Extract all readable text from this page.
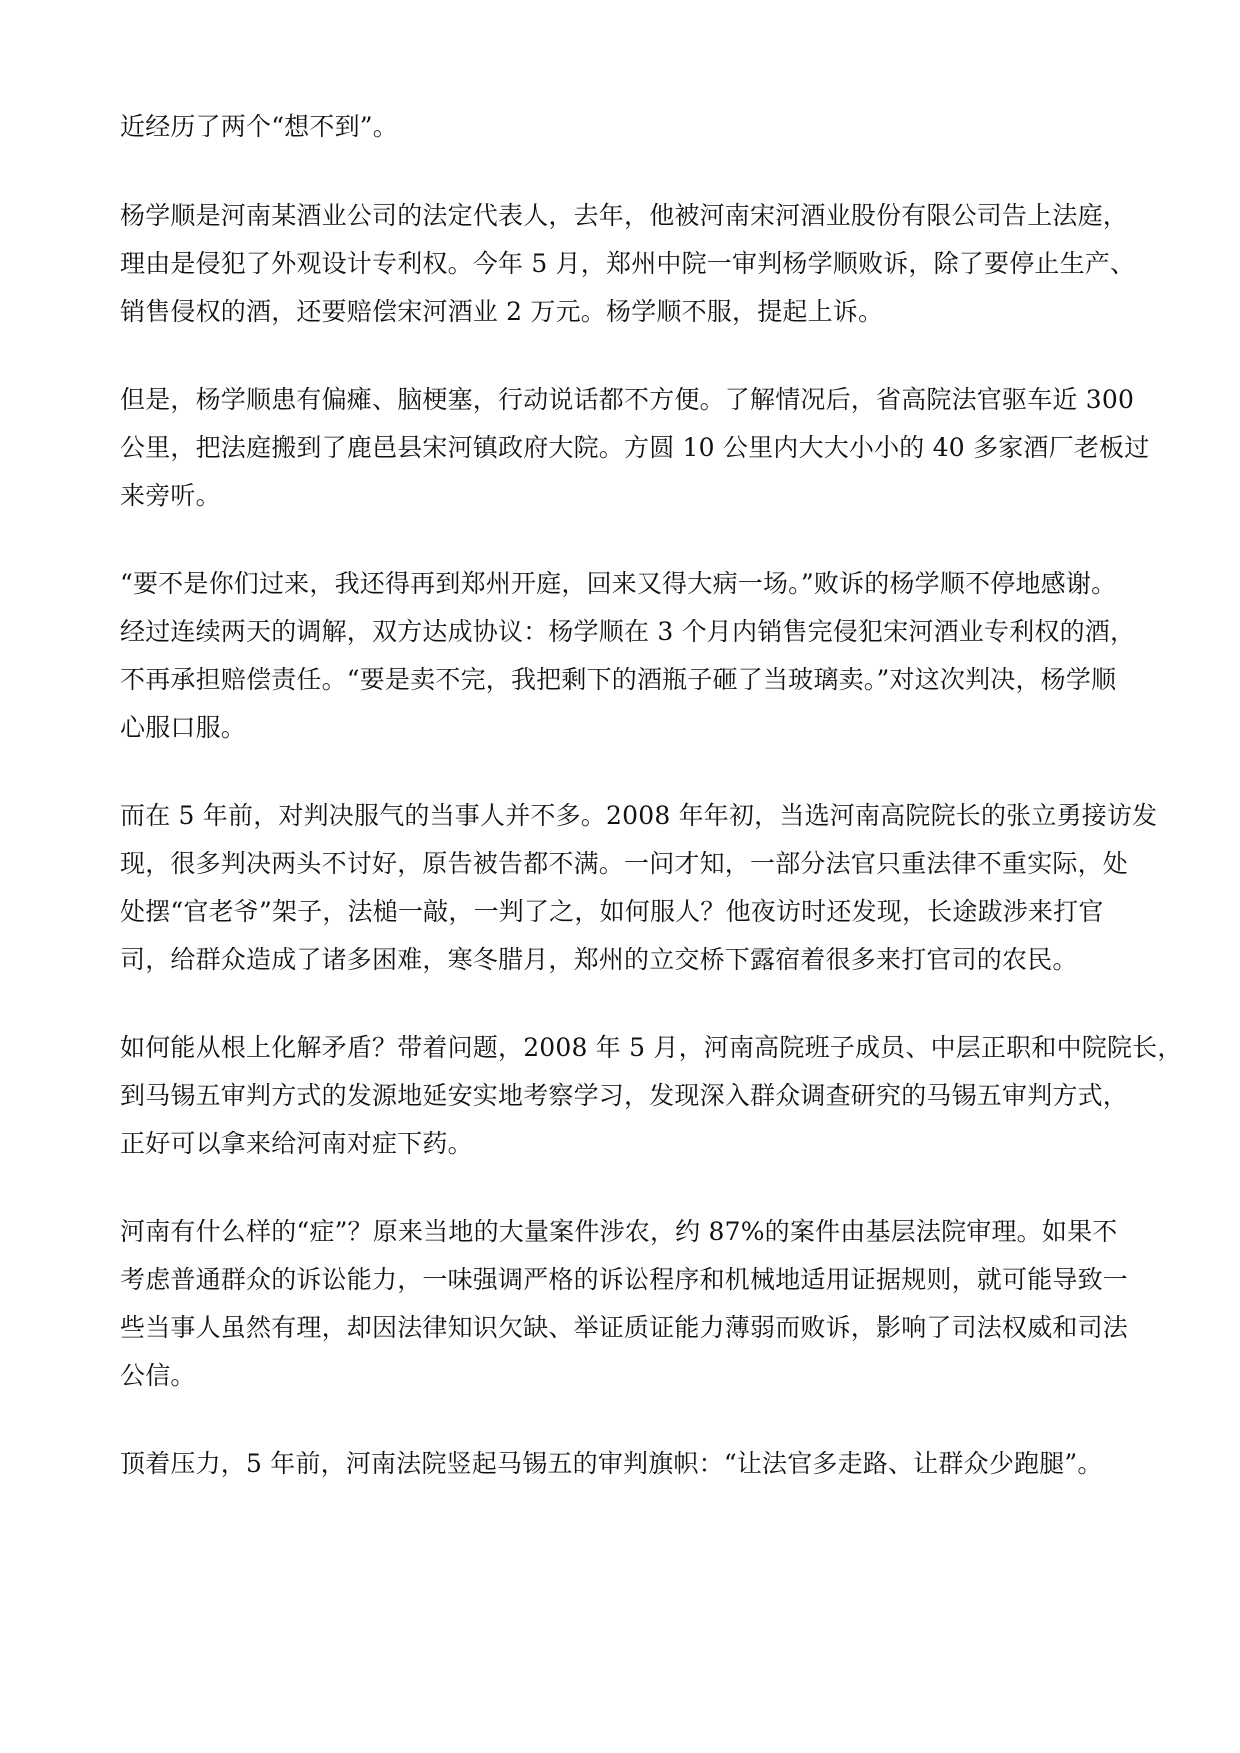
近经历了两个“想不到”。
杨学顺是河南某酒业公司的法定代表人，去年，他被河南宋河酒业股份有限公司告上法庭，
理由是侵犯了外观设计专利权。今年 5 月，郑州中院一审判杨学顺败诉，除了要停止生产、
销售侵权的酒，还要赔偿宋河酒业 2 万元。杨学顺不服，提起上诉。
但是，杨学顺患有偏瘫、脑梗塞，行动说话都不方便。了解情况后，省高院法官驱车近 300
公里，把法庭搬到了鹿邑县宋河镇政府大院。方圆 10 公里内大大小小的 40 多家酒厂老板过
来旁听。
“要不是你们过来，我还得再到郑州开庭，回来又得大病一场。”败诉的杨学顺不停地感谢。
经过连续两天的调解，双方达成协议：杨学顺在 3 个月内销售完侵犯宋河酒业专利权的酒，
不再承担赔偿责任。“要是卖不完，我把剩下的酒瓶子砸了当玻璃卖。”对这次判决，杨学顺
心服口服。
而在 5 年前，对判决服气的当事人并不多。2008 年年初，当选河南高院院长的张立勇接访发
现，很多判决两头不讨好，原告被告都不满。一问才知，一部分法官只重法律不重实际，处
处摆“官老爷”架子，法槌一敲，一判了之，如何服人？他夜访时还发现，长途跋涉来打官
司，给群众造成了诸多困难，寒冬腊月，郑州的立交桥下露宿着很多来打官司的农民。
如何能从根上化解矛盾？带着问题，2008 年 5 月，河南高院班子成员、中层正职和中院院长，
到马锡五审判方式的发源地延安实地考察学习，发现深入群众调查研究的马锡五审判方式，
正好可以拿来给河南对症下药。
河南有什么样的“症”？原来当地的大量案件涉农，约 87%的案件由基层法院审理。如果不
考虑普通群众的诉讼能力，一味强调严格的诉讼程序和机械地适用证据规则，就可能导致一
些当事人虽然有理，却因法律知识欠缺、举证质证能力薄弱而败诉，影响了司法权威和司法
公信。
顶着压力，5 年前，河南法院竖起马锡五的审判旗帜：“让法官多走路、让群众少跑腿”。
